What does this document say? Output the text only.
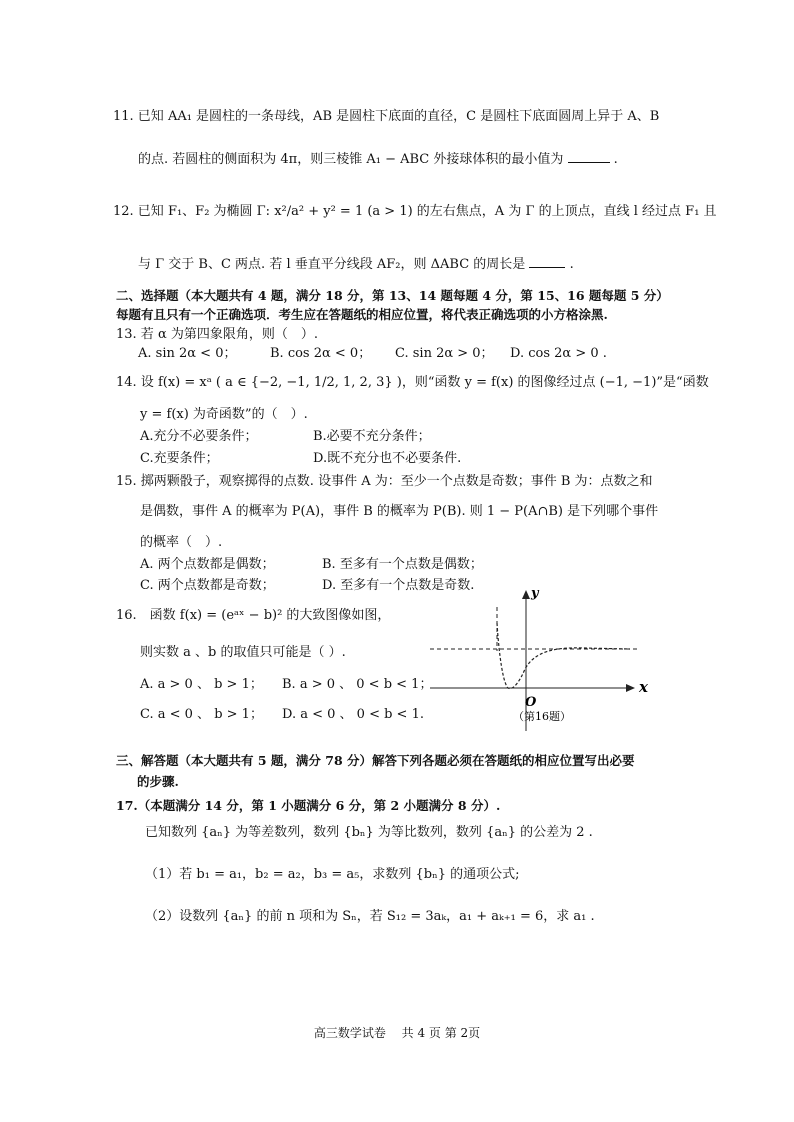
11. 已知 AA₁ 是圆柱的一条母线，AB 是圆柱下底面的直径，C 是圆柱下底面圆周上异于 A、B
的点. 若圆柱的侧面积为 4π，则三棱锥 A₁ − ABC 外接球体积的最小值为	.
12. 已知 F₁、F₂ 为椭圆 Γ: x²/a² + y² = 1 (a > 1) 的左右焦点，A 为 Γ 的上顶点，直线 l 经过点 F₁ 且
与 Γ 交于 B、C 两点. 若 l 垂直平分线段 AF₂，则 ΔABC 的周长是	.
二、选择题（本大题共有 4 题，满分 18 分，第 13、14 题每题 4 分，第 15、16 题每题 5 分）
每题有且只有一个正确选项．考生应在答题纸的相应位置，将代表正确选项的小方格涂黑.
13. 若 α 为第四象限角，则（　）.
A. sin 2α < 0；	B. cos 2α < 0； C. sin 2α > 0； D. cos 2α > 0 .
14. 设 f(x) = xᵃ ( a ∈ {−2, −1, 1/2, 1, 2, 3} )，则“函数 y = f(x) 的图像经过点 (−1, −1)”是“函数
y = f(x) 为奇函数”的（　）.
A.充分不必要条件；	B.必要不充分条件；
C.充要条件；	D.既不充分也不必要条件.
15. 掷两颗骰子，观察掷得的点数. 设事件 A 为：至少一个点数是奇数；事件 B 为：点数之和
是偶数，事件 A 的概率为 P(A)，事件 B 的概率为 P(B). 则 1 − P(A∩B) 是下列哪个事件
的概率（　）.
A. 两个点数都是偶数；	B. 至多有一个点数是偶数；
C. 两个点数都是奇数；	D. 至多有一个点数是奇数.
16.　函数 f(x) = (eᵃˣ − b)² 的大致图像如图，
则实数 a 、b 的取值只可能是（ ）.
A. a > 0 、 b > 1； B. a > 0 、 0 < b < 1；
C. a < 0 、 b > 1； D. a < 0 、 0 < b < 1.
x
y
O
（第16题）
三、解答题（本大题共有 5 题，满分 78 分）解答下列各题必须在答题纸的相应位置写出必要
的步骤.
17.（本题满分 14 分，第 1 小题满分 6 分，第 2 小题满分 8 分）.
已知数列 {aₙ} 为等差数列，数列 {bₙ} 为等比数列，数列 {aₙ} 的公差为 2 .
（1）若 b₁ = a₁，b₂ = a₂，b₃ = a₅，求数列 {bₙ} 的通项公式;
（2）设数列 {aₙ} 的前 n 项和为 Sₙ，若 S₁₂ = 3aₖ，a₁ + aₖ₊₁ = 6，求 a₁ .
高三数学试卷　 共 4 页 第 2页
